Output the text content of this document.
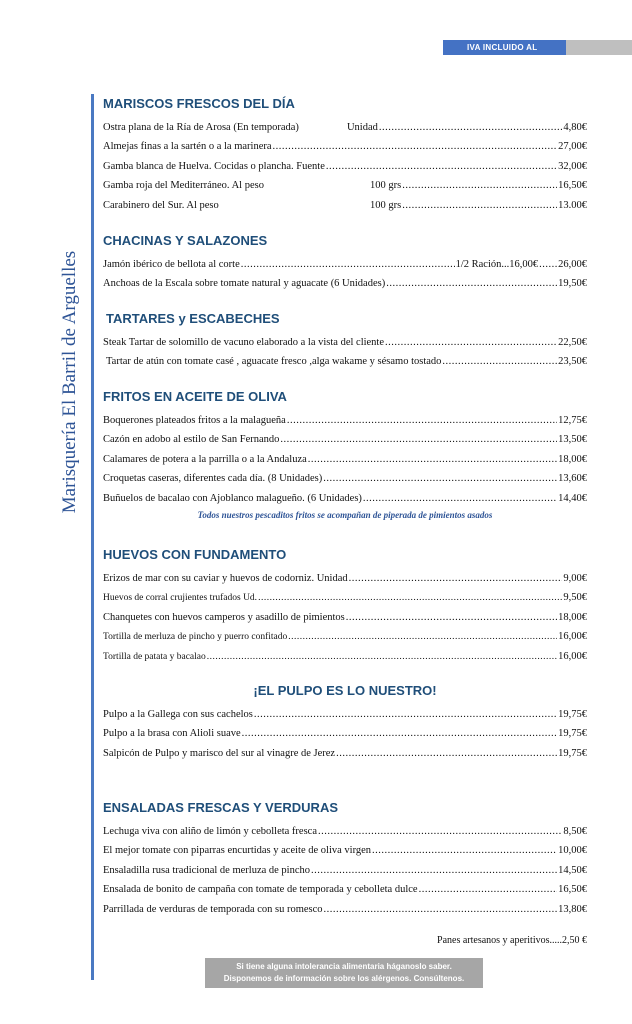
IVA INCLUIDO AL
Marisquería El Barril de Arguelles
MARISCOS FRESCOS DEL DÍA
Ostra plana de la Ría de Arosa (En temporada)	Unidad .....	4,80€
Almejas finas a la sartén o a la marinera .....	27,00€
Gamba blanca de Huelva. Cocidas o plancha. Fuente .....	32,00€
Gamba roja del Mediterráneo. Al peso	100 grs .....	16,50€
Carabinero del Sur. Al peso	100 grs .....	13.00€
CHACINAS Y SALAZONES
Jamón ibérico de bellota al corte .....	1/2 Ración...16,00€ ..... 26,00€
Anchoas de la Escala sobre tomate natural y aguacate (6 Unidades) .....	19,50€
TARTARES y ESCABECHES
Steak Tartar de solomillo de vacuno elaborado a la vista del cliente .....	22,50€
Tartar de atún con tomate casé , aguacate fresco ,alga wakame y sésamo tostado .....	23,50€
FRITOS EN ACEITE DE OLIVA
Boquerones plateados fritos a la malagueña .....	12,75€
Cazón en adobo al estilo de San Fernando .....	13,50€
Calamares de potera a la parrilla o a la Andaluza .....	18,00€
Croquetas caseras, diferentes cada día. (8 Unidades) .....	13,60€
Buñuelos de bacalao con Ajoblanco malagueño. (6 Unidades) .....	14,40€
Todos nuestros pescaditos fritos se acompañan de piperada de pimientos asados
HUEVOS CON FUNDAMENTO
Erizos de mar con su caviar y huevos de codorniz. Unidad .....	9,00€
Huevos de corral crujientes trufados Ud. .....	9,50€
Chanquetes con huevos camperos y asadillo de pimientos .....	18,00€
Tortilla de merluza de pincho y puerro confitado .....	16,00€
Tortilla de patata y bacalao .....	16,00€
¡EL PULPO ES LO NUESTRO!
Pulpo a la Gallega con sus cachelos .....	19,75€
Pulpo a la brasa con Alioli suave .....	19,75€
Salpicón de Pulpo y marisco del sur al vinagre de Jerez .....	19,75€
ENSALADAS FRESCAS Y VERDURAS
Lechuga viva con aliño de limón y cebolleta fresca .....	8,50€
El mejor tomate con piparras encurtidas y aceite de oliva virgen .....	10,00€
Ensaladilla rusa tradicional de merluza de pincho .....	14,50€
Ensalada de bonito de campaña con tomate de temporada y cebolleta dulce .....	16,50€
Parrillada de verduras de temporada con su romesco .....	13,80€
Panes artesanos y aperitivos.....2,50 €
Si tiene alguna intolerancia alimentaria háganoslo saber.
Disponemos de información sobre los alérgenos. Consúltenos.
